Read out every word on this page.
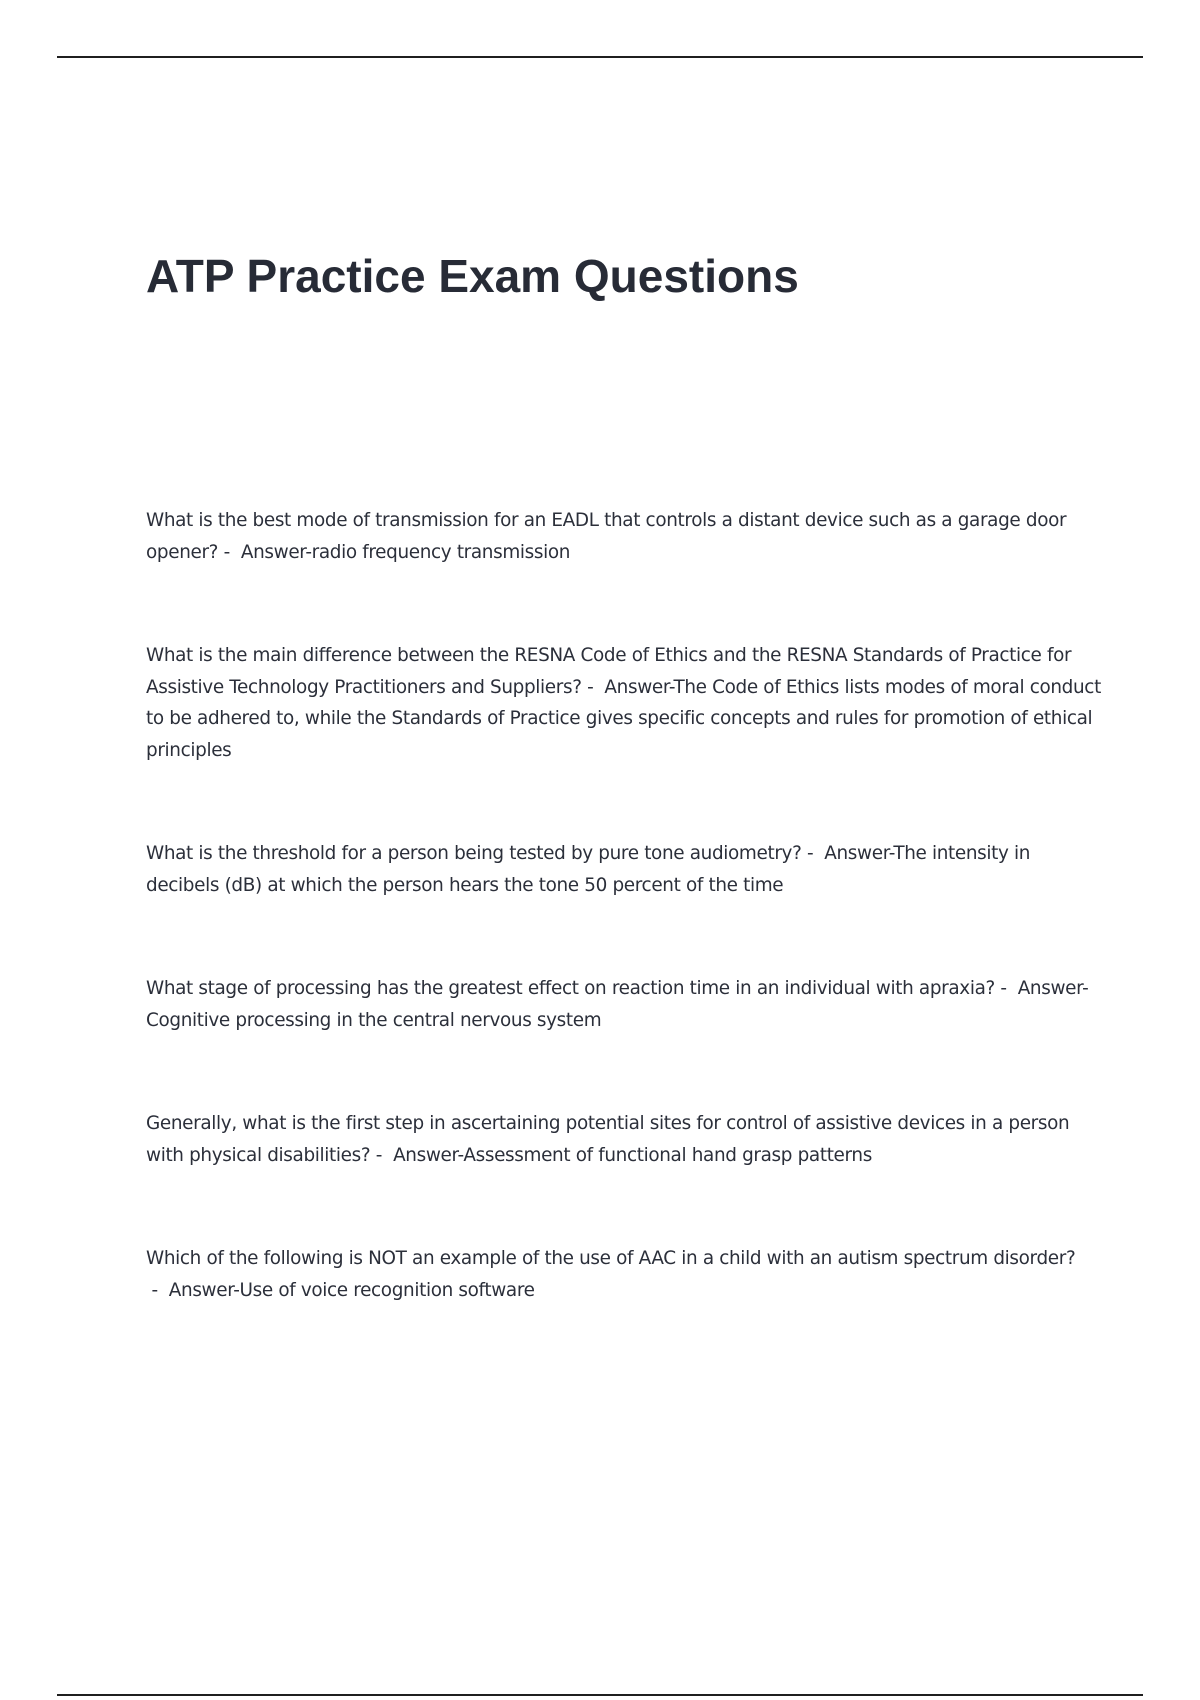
ATP Practice Exam Questions

What is the best mode of transmission for an EADL that controls a distant device such as a garage door opener? -  Answer-radio frequency transmission

What is the main difference between the RESNA Code of Ethics and the RESNA Standards of Practice for Assistive Technology Practitioners and Suppliers? -  Answer-The Code of Ethics lists modes of moral conduct to be adhered to, while the Standards of Practice gives specific concepts and rules for promotion of ethical principles

What is the threshold for a person being tested by pure tone audiometry? -  Answer-The intensity in decibels (dB) at which the person hears the tone 50 percent of the time

What stage of processing has the greatest effect on reaction time in an individual with apraxia? -  Answer-Cognitive processing in the central nervous system

Generally, what is the first step in ascertaining potential sites for control of assistive devices in a person with physical disabilities? -  Answer-Assessment of functional hand grasp patterns

Which of the following is NOT an example of the use of AAC in a child with an autism spectrum disorder? -  Answer-Use of voice recognition software
